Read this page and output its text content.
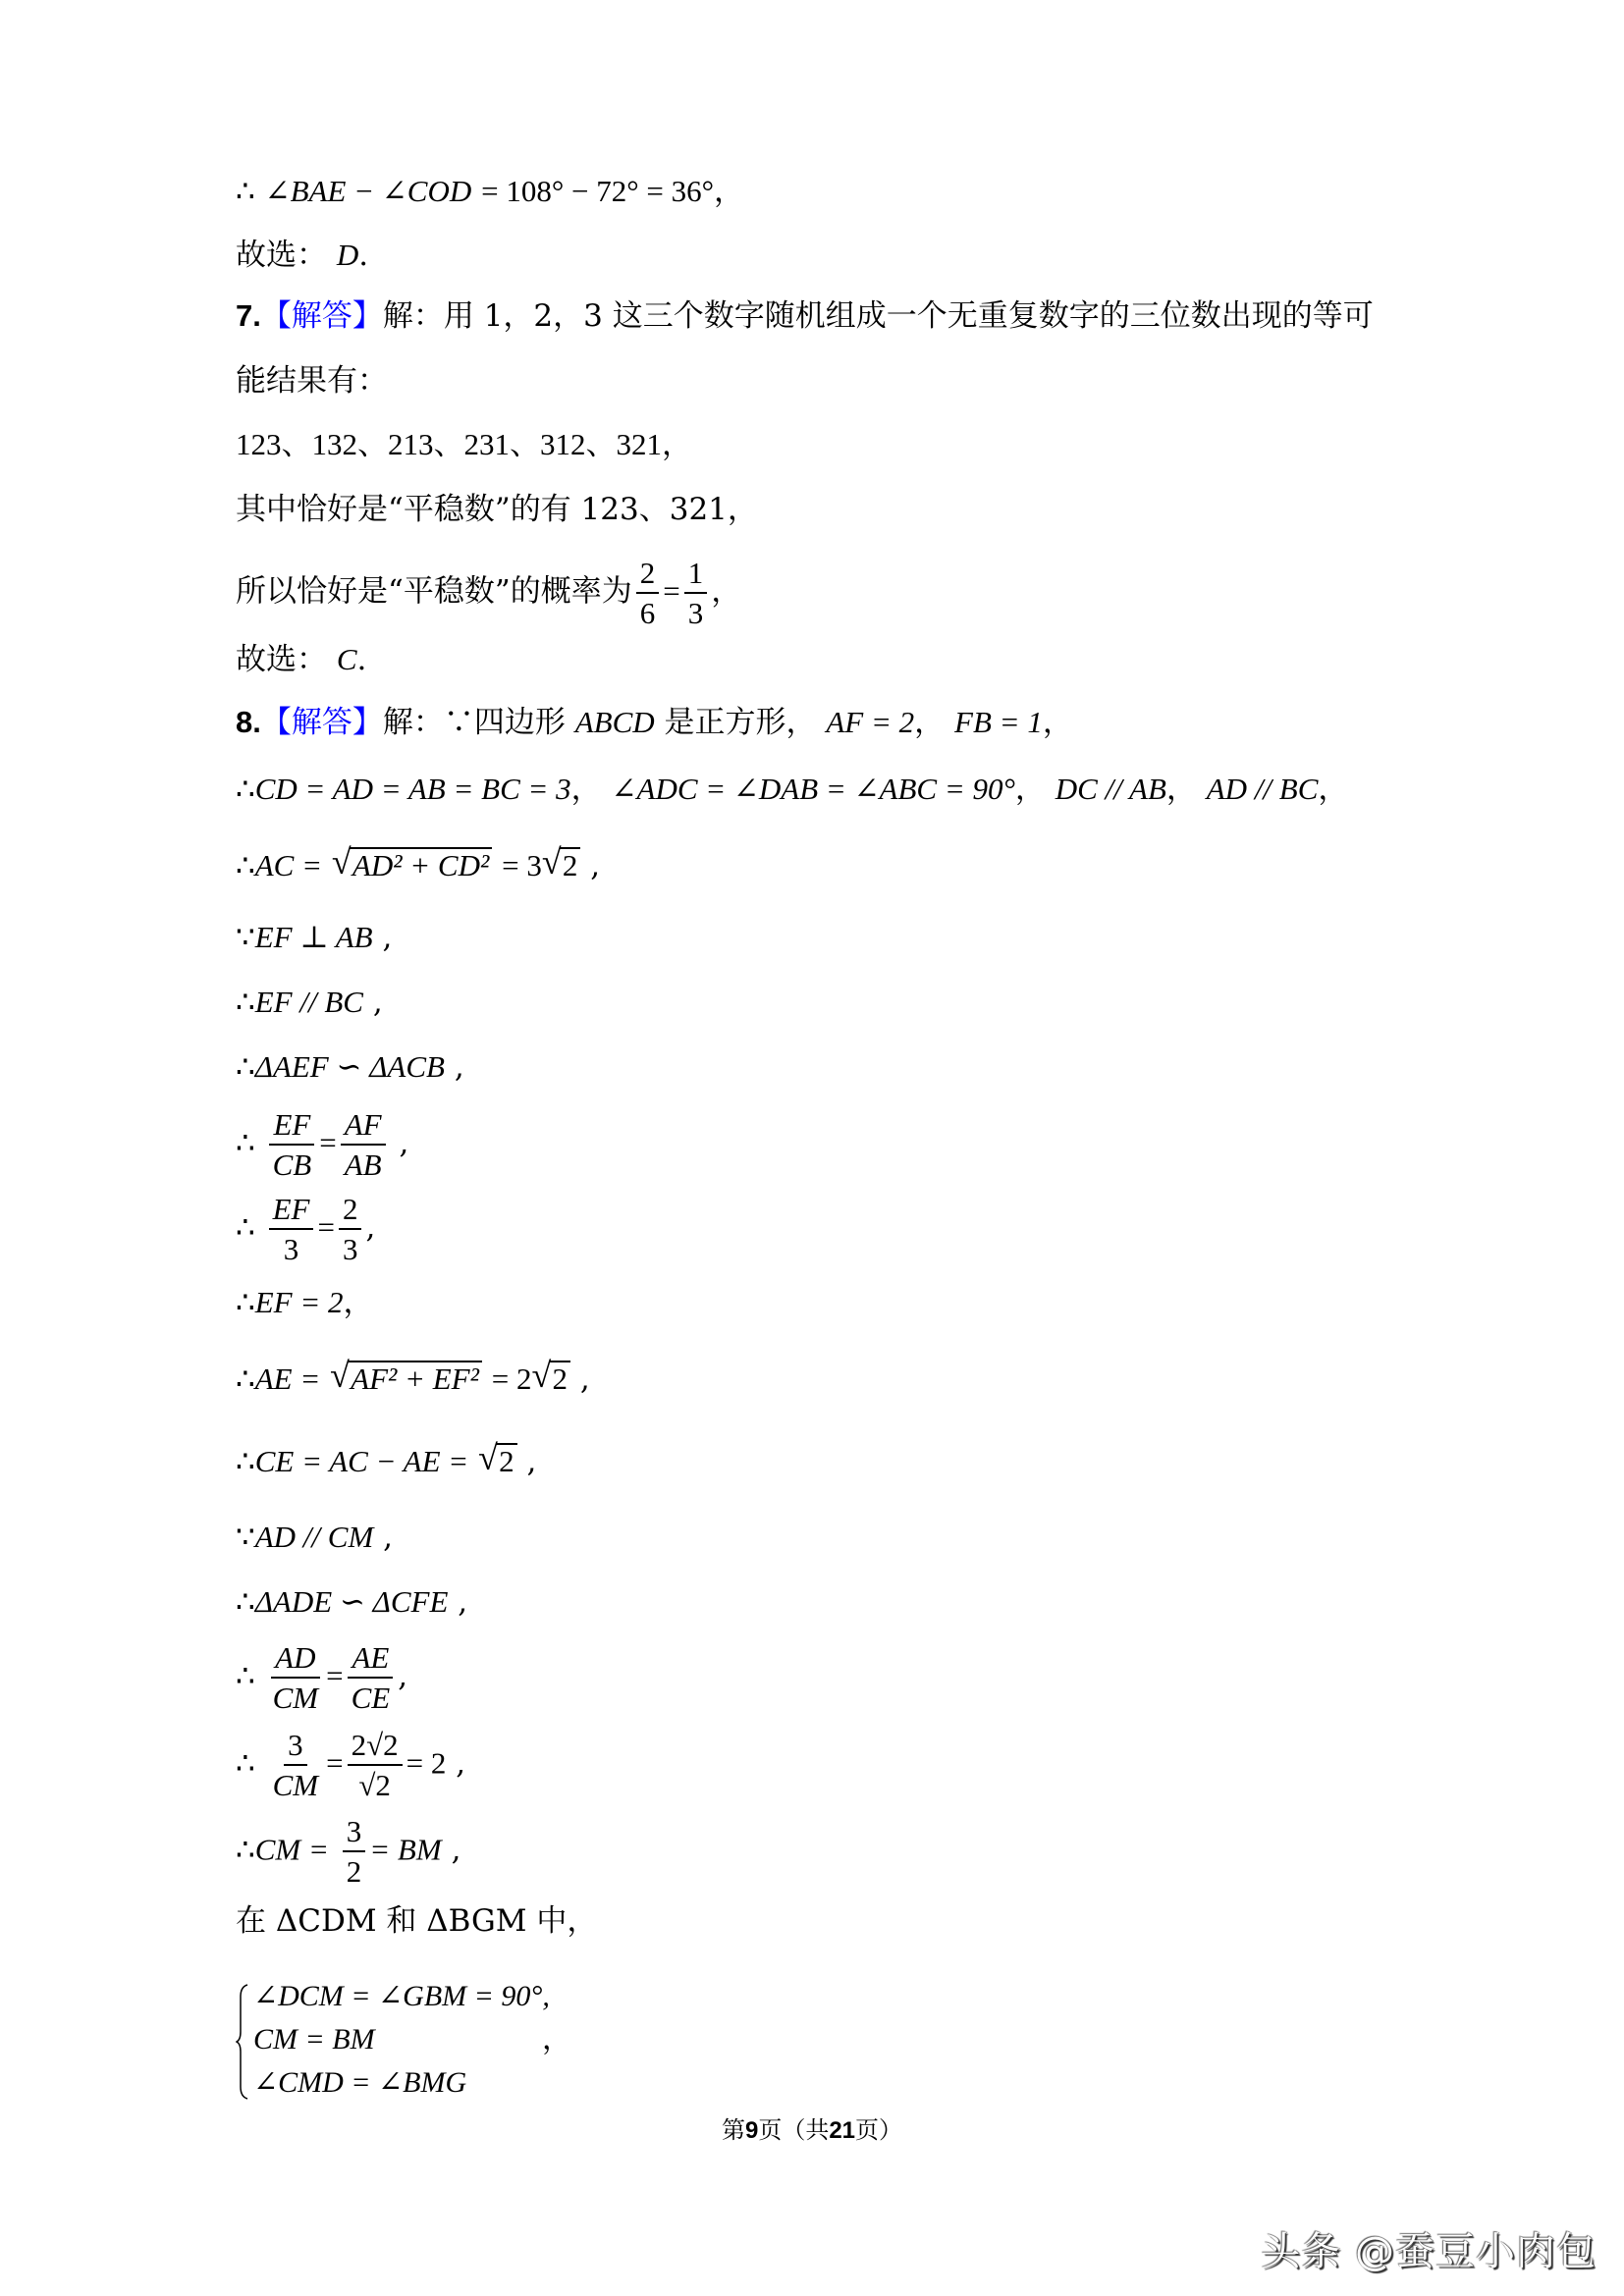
∴ ∠BAE − ∠COD = 108° − 72° = 36°，
故选： D.
7.【解答】解：用 1，2，3 这三个数字随机组成一个无重复数字的三位数出现的等可
能结果有：
123、132、213、231、312、321，
其中恰好是“平稳数”的有 123、321，
所以恰好是“平稳数”的概率为 $\frac{2}{6} = \frac{1}{3}$ ，
故选： C.
8.【解答】解：∵四边形 ABCD 是正方形， AF = 2， FB = 1，
∴CD = AD = AB = BC = 3， ∠ADC = ∠DAB = ∠ABC = 90°， DC // AB， AD // BC，
∴AC = √ AD² + CD² = 3 √ 2 ,
∵EF ⊥ AB ,
∴EF // BC ,
∴ΔAEF ∽ ΔACB ,
∴ $\frac{EF}{CB} = \frac{AF}{AB}$ ,
∴ $\frac{EF}{3} = \frac{2}{3}$ ,
∴EF = 2，
∴AE = √ AF² + EF² = 2 √ 2 ,
∴CE = AC − AE = √ 2 ,
∵AD // CM ,
∴ΔADE ∽ ΔCFE ,
∴ $\frac{AD}{CM} = \frac{AE}{CE}$ ,
∴ $\frac{3}{CM} = \frac{2√2}{√2} = 2$ ,
∴CM = $\frac{3}{2}$ = BM ,
在 ΔCDM 和 ΔBGM 中，
∠DCM = ∠GBM = 90°,
CM = BM
∠CMD = ∠BMG
，
第9页（共21页）
头条 @蚕豆小肉包
